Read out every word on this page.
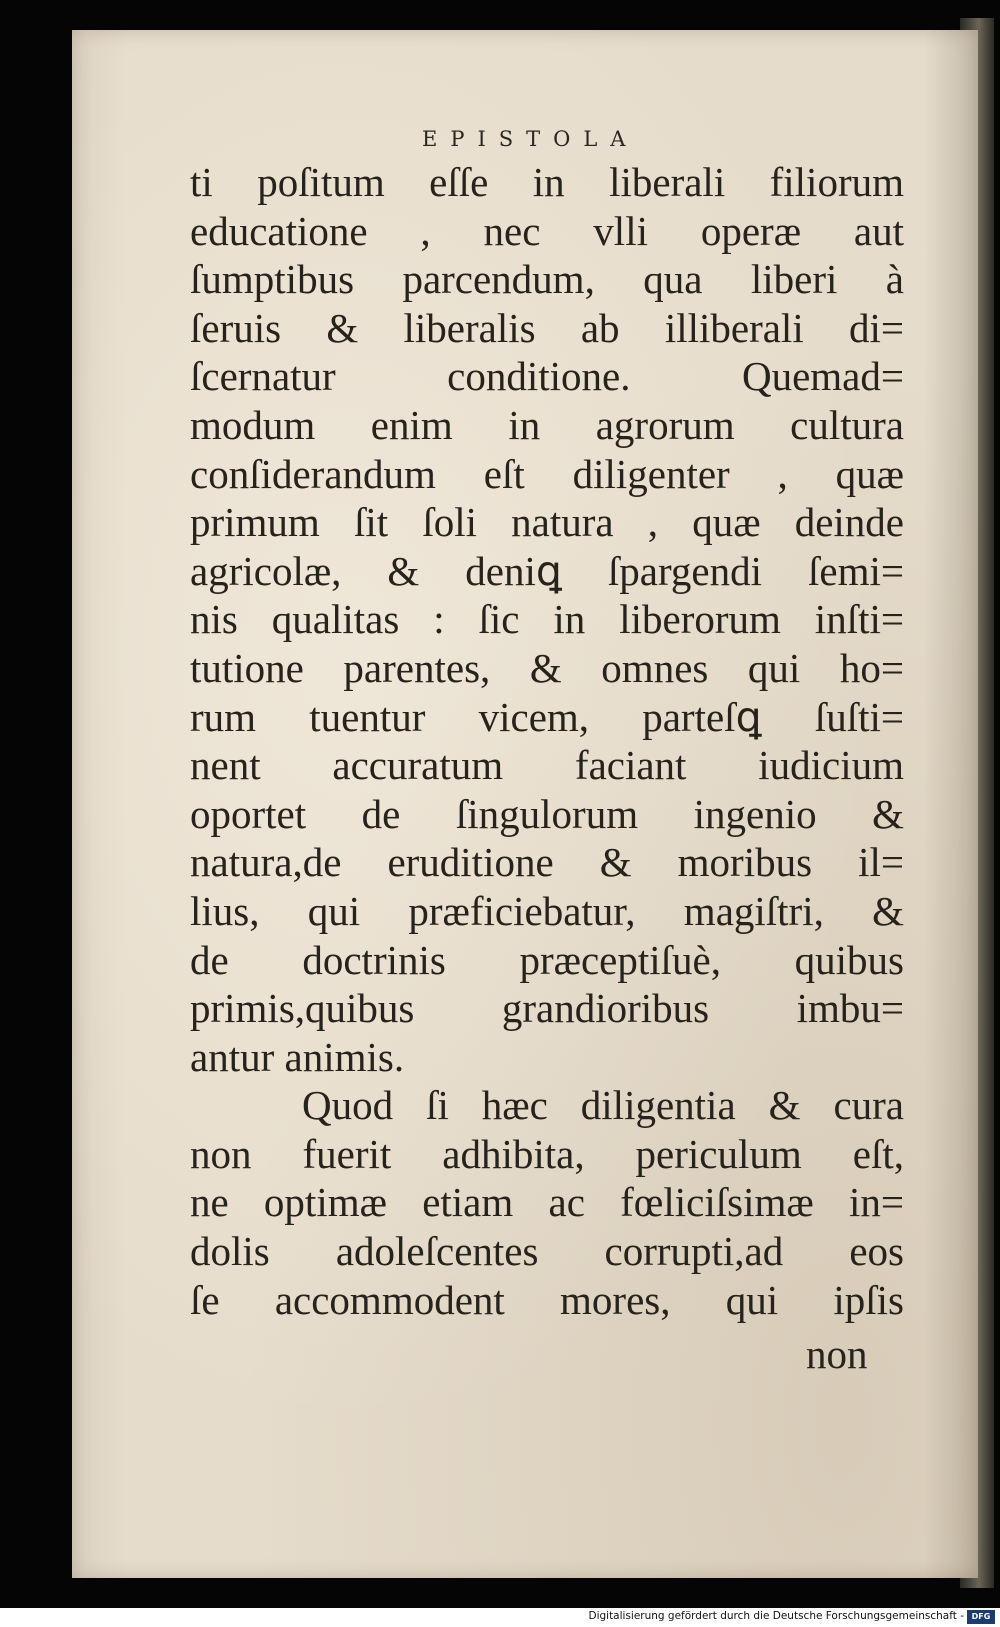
EPISTOLA
ti poſitum eſſe in liberali filiorum
educatione , nec vlli operæ aut
ſumptibus parcendum, qua liberi à
ſeruis & liberalis ab illiberali di=
ſcernatur conditione. Quemad=
modum enim in agrorum cultura
conſiderandum eſt diligenter , quæ
primum ſit ſoli natura , quæ deinde
agricolæ, & deniꝗ ſpargendi ſemi=
nis qualitas : ſic in liberorum inſti=
tutione parentes, & omnes qui ho=
rum tuentur vicem, parteſꝗ ſuſti=
nent accuratum faciant iudicium
oportet de ſingulorum ingenio &
natura,de eruditione & moribus il=
lius, qui præficiebatur, magiſtri, &
de doctrinis præceptiſuè, quibus
primis,quibus grandioribus imbu=
antur animis.
Quod ſi hæc diligentia & cura
non fuerit adhibita, periculum eſt,
ne optimæ etiam ac fœliciſsimæ in=
dolis adoleſcentes corrupti,ad eos
ſe accommodent mores, qui ipſis
non
Digitalisierung gefördert durch die Deutsche Forschungsgemeinschaft - DFG
